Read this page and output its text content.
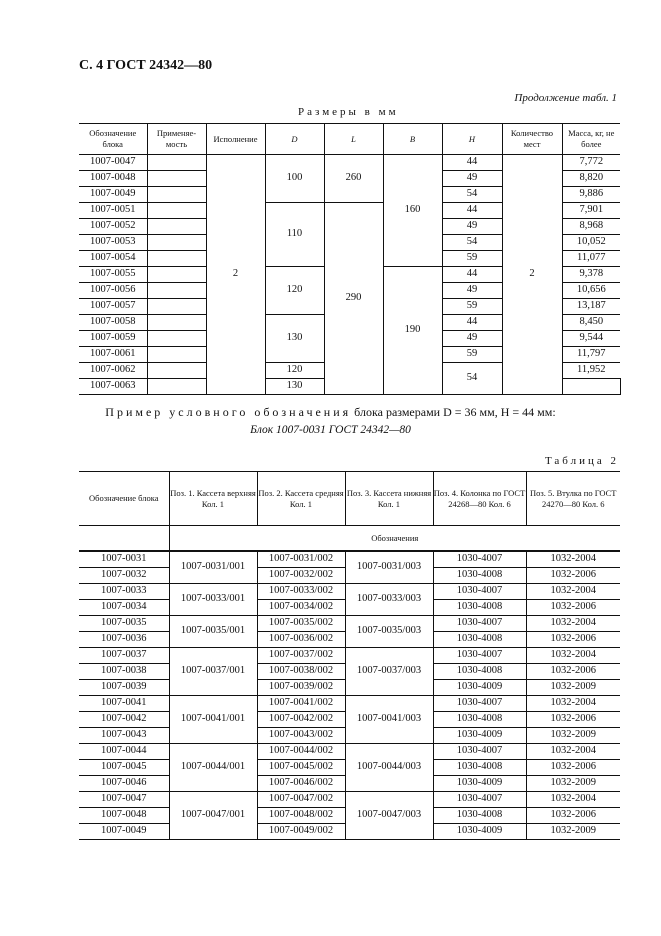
С. 4 ГОСТ 24342—80
Продолжение табл. 1
Размеры в мм
Обозначение блока	Применяе-мость	Исполнение	D	L	B	H	Количество мест	Масса, кг, не более	
1007-0047		2	100	260	160	44	2	7,772	
1007-0048						49		8,820	
1007-0049						54		9,886	
1007-0051			110	290		44		7,901	
1007-0052						49		8,968	
1007-0053						54		10,052	
1007-0054						59		11,077	
1007-0055			120		190	44		9,378	
1007-0056						49		10,656	
1007-0057						59		13,187	
1007-0058			130			44		8,450	
1007-0059						49		9,544	
1007-0061						59		11,797	
1007-0062			120			54		11,952	
1007-0063			130		
Пример условного обозначения блока размерами D = 36 мм, H = 44 мм:
Блок 1007-0031 ГОСТ 24342—80
Таблица 2
Обозначение блока	Поз. 1. Кассета верхняя Кол. 1	Поз. 2. Кассета средняя Кол. 1	Поз. 3. Кассета нижняя Кол. 1	Поз. 4. Колонка по ГОСТ 24268—80 Кол. 6	Поз. 5. Втулка по ГОСТ 24270—80 Кол. 6
	Обозначения				
1007-0031	1007-0031/001	1007-0031/002	1007-0031/003	1030-4007	1032-2004
1007-0032		1007-0032/002		1030-4008	1032-2006
1007-0033	1007-0033/001	1007-0033/002	1007-0033/003	1030-4007	1032-2004
1007-0034		1007-0034/002		1030-4008	1032-2006
1007-0035	1007-0035/001	1007-0035/002	1007-0035/003	1030-4007	1032-2004
1007-0036		1007-0036/002		1030-4008	1032-2006
1007-0037	1007-0037/001	1007-0037/002	1007-0037/003	1030-4007	1032-2004
1007-0038		1007-0038/002		1030-4008	1032-2006
1007-0039		1007-0039/002		1030-4009	1032-2009
1007-0041	1007-0041/001	1007-0041/002	1007-0041/003	1030-4007	1032-2004
1007-0042		1007-0042/002		1030-4008	1032-2006
1007-0043		1007-0043/002		1030-4009	1032-2009
1007-0044	1007-0044/001	1007-0044/002	1007-0044/003	1030-4007	1032-2004
1007-0045		1007-0045/002		1030-4008	1032-2006
1007-0046		1007-0046/002		1030-4009	1032-2009
1007-0047	1007-0047/001	1007-0047/002	1007-0047/003	1030-4007	1032-2004
1007-0048		1007-0048/002		1030-4008	1032-2006
1007-0049		1007-0049/002		1030-4009	1032-2009
